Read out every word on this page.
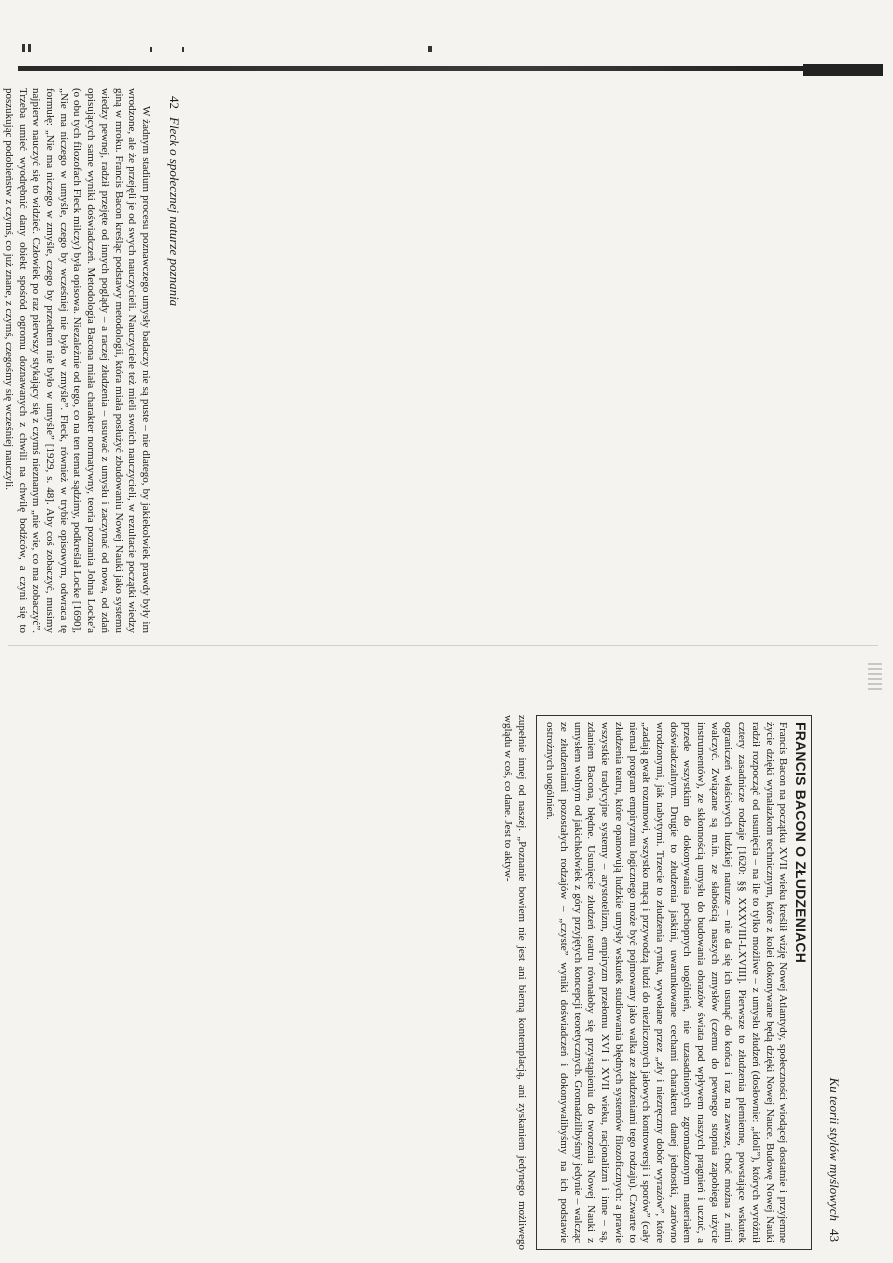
42
Fleck o społecznej naturze poznania

W żadnym stadium procesu poznawczego umysły badaczy nie są puste – nie dlatego, by jakiekolwiek prawdy były im wrodzone, ale że przejęli je od swych nauczycieli. Nauczyciele też mieli swoich nauczycieli, w rezultacie początki wiedzy giną w mroku. Francis Bacon kreśląc podstawy metodologii, która miała posłużyć zbudowaniu Nowej Nauki jako systemu wiedzy pewnej, radził przejęte od innych poglądy – a raczej złudzenia – usuwać z umysłu i zaczynać od nowa, od zdań opisujących same wyniki doświadczeń. Metodologia Bacona miała charakter normatywny, teoria poznania Johna Locke'a (o obu tych filozofach Fleck milczy) była opisowa. Niezależnie od tego, co na ten temat sądzimy, podkreślał Locke [1690], „Nie ma niczego w umyśle, czego by wcześniej nie było w zmyśle”. Fleck, również w trybie opisowym, odwraca tę formułę: „Nie ma niczego w zmyśle, czego by przedtem nie było w umyśle” [1929, s. 48]. Aby coś zobaczyć, musimy najpierw nauczyć się to widzieć. Człowiek po raz pierwszy stykający się z czymś nieznanym „nie wie, co ma zobaczyć”. Trzeba umieć wyodrębnić dany obiekt spośród ogromu doznawanych z chwili na chwilę bodźców, a czyni się to poszukując podobieństw z czymś, co już znane, z czymś, czegośmy się wcześniej nauczyli.

Ku teorii stylów myślowych
43
FRANCIS BACON O ZŁUDZENIACH

Francis Bacon na początku XVII wieku kreślił wizję Nowej Atlantydy, społeczności wiodącej dostatnie i przyjemne życie dzięki wynalazkom technicznym, które z kolei dokonywane będą dzięki Nowej Nauce. Budowę Nowej Nauki radził rozpocząć od usunięcia – na ile to tylko możliwe – z umysłu złudzeń (dosłownie: „idoli”), których wyróżnił cztery zasadnicze rodzaje [1620: §§ XXXVIII-LXVIII]. Pierwsze to złudzenia plemienne, powstające wskutek ograniczeń właściwych ludzkiej naturze – nie da się ich usunąć do końca i raz na zawsze, choć można z nimi walczyć. Związane są m.in. ze słabością naszych zmysłów (czemu do pewnego stopnia zapobiega użycie instrumentów), ze skłonnością umysłu do budowania obrazów świata pod wpływem naszych pragnień i uczuć, a przede wszystkim do dokonywania pochopnych uogólnień, nie uzasadnionych zgromadzonym materiałem doświadczalnym. Drugie to złudzenia jaskini, uwarunkowane cechami charakteru danej jednostki, zarówno wrodzonymi, jak nabytymi. Trzecie to złudzenia rynku, wywołane przez „zły i niezręczny dobór wyrazów”, które „zadają gwałt rozumowi, wszystko mącą i przywodzą ludzi do niezliczonych jałowych kontrowersji i sporów” (cały niemal program empiryzmu logicznego może być pojmowany jako walka ze złudzeniami tego rodzaju). Czwarte to złudzenia teatru, które opanowują ludzkie umysły wskutek studiowania błędnych systemów filozoficznych: a prawie wszystkie tradycyjne systemy – arystotelizm, empiryzm przełomu XVI i XVII wieku, racjonalizm i inne – są, zdaniem Bacona, błędne. Usunięcie złudzeń teatru równałoby się przystąpieniu do tworzenia Nowej Nauki z umysłem wolnym od jakichkolwiek z góry przyjętych koncepcji teoretycznych. Gromadzilibyśmy jedynie – walcząc ze złudzeniami pozostałych rodzajów – „czyste” wyniki doświadczeń i dokonywalibyśmy na ich podstawie ostrożnych uogólnień.

zupełnie innej od naszej. „Poznanie bowiem nie jest ani bierną kontemplacją, ani zyskaniem jedynego możliwego wglądu w coś, co dane. Jest to aktyw-
